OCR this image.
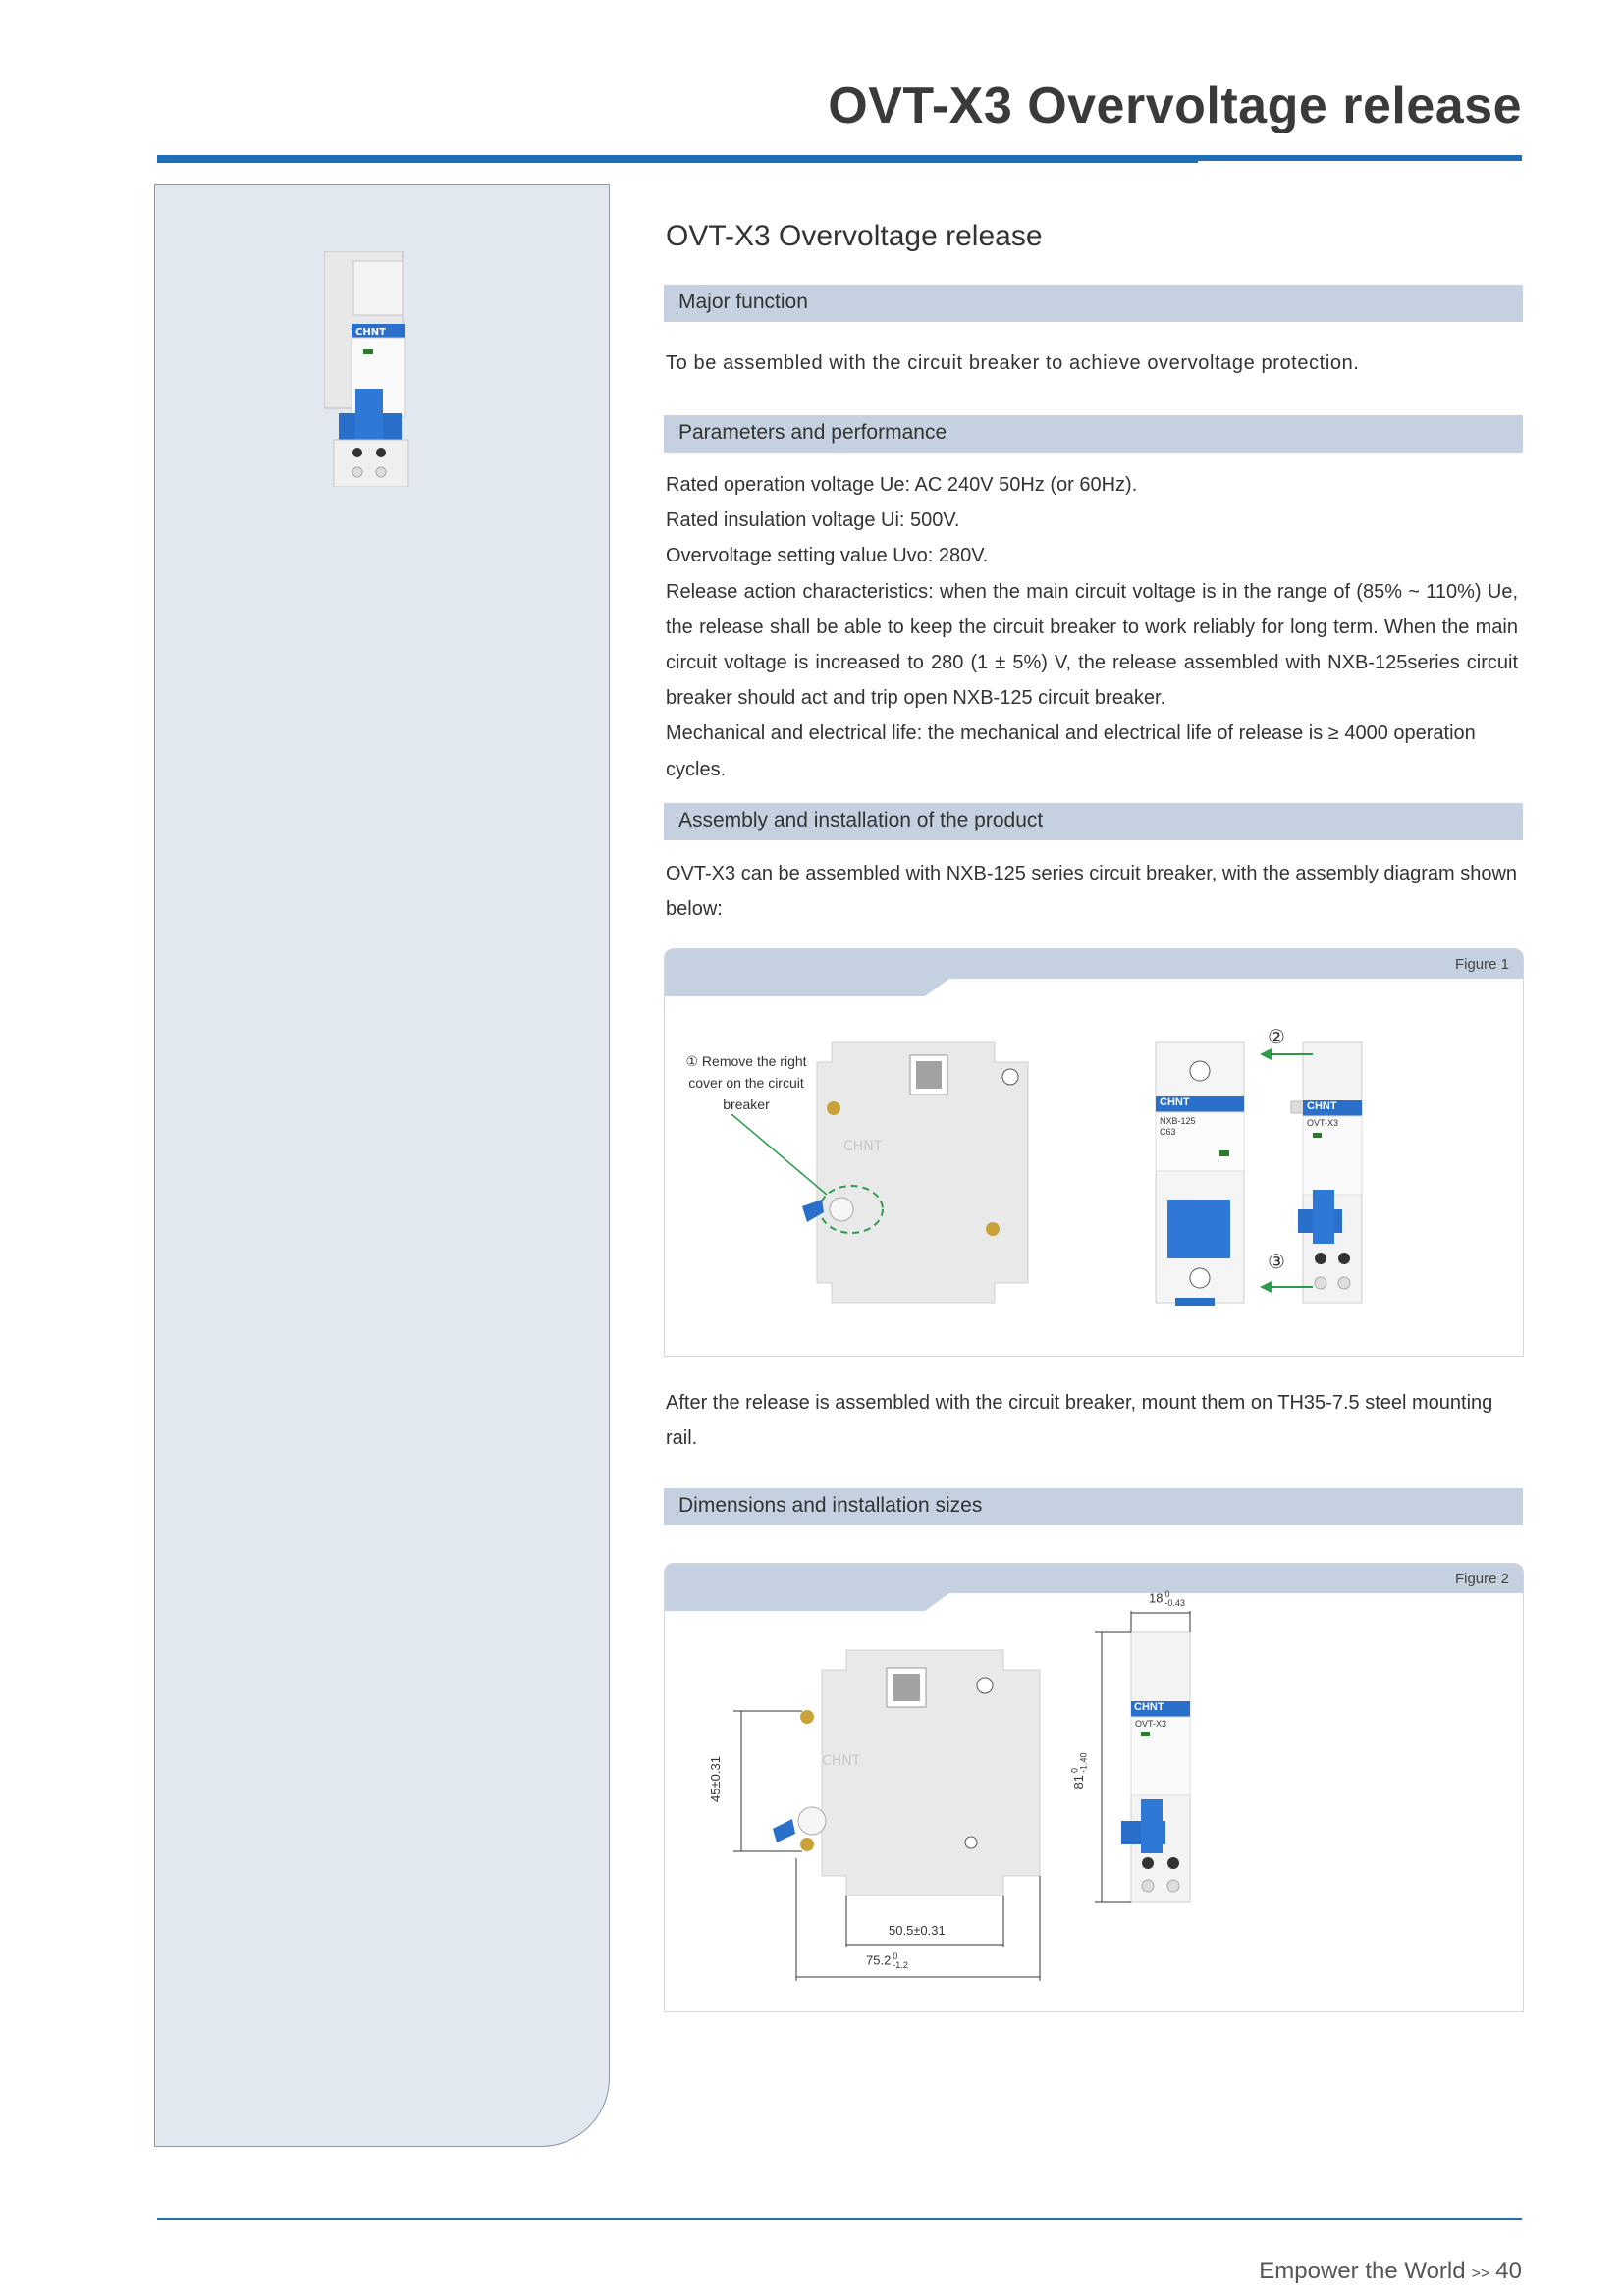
OVT-X3 Overvoltage release
CHNT
OVT-X3 Overvoltage release
Major function
To be assembled with the circuit breaker to achieve overvoltage protection.
Parameters and performance
Rated operation voltage Ue: AC 240V 50Hz (or 60Hz).
Rated insulation voltage Ui: 500V.
Overvoltage setting value Uvo: 280V.
Release action characteristics: when the main circuit voltage is in the range of (85% ~ 110%) Ue, the release shall be able to keep the circuit breaker to work reliably for long term. When the main circuit voltage is increased to 280 (1 ± 5%) V, the release assembled with NXB-125series circuit breaker should act and trip open NXB-125 circuit breaker.
Mechanical and electrical life: the mechanical and electrical life of release is ≥ 4000 operation cycles.
Assembly and installation of the product
OVT-X3 can be assembled with NXB-125 series circuit breaker, with the assembly diagram shown below:
CHNT
Figure 1
① Remove the right
cover on the circuit
breaker
②
③
CHNT
NXB-125
C63
CHNT
OVT-X3
After the release is assembled with the circuit breaker, mount them on TH35-7.5 steel mounting rail.
Dimensions and installation sizes
CHNT
Figure 2
CHNT
OVT-X3
45±0.31
50.5±0.31
75.2 0
-1.2
18 0
-0.43
810
-1.40
Empower the World >> 40
